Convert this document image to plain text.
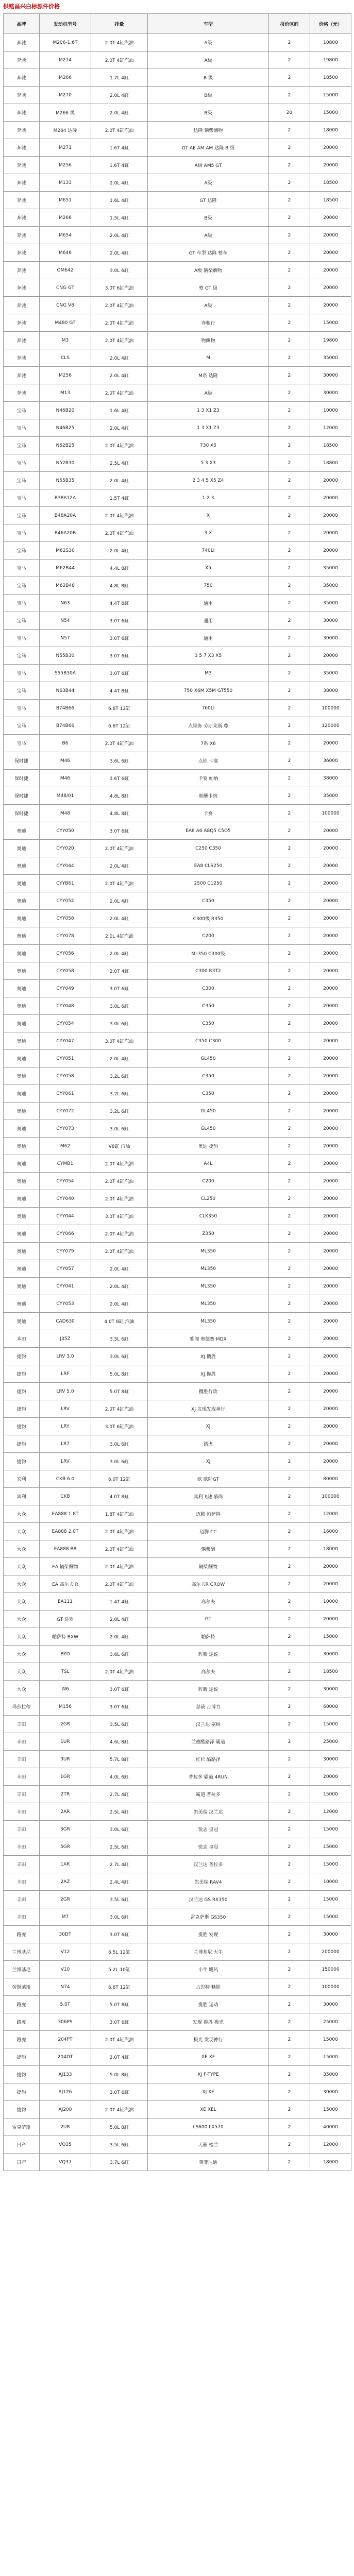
供铭昌兴白标源件价格
品牌	发动机型号	排量	车型	报价区间	价格（元）
奔驰	M206-1.6T	2.0T 4缸汽油	A级	2	10800
奔驰	M274	2.0T 4缸汽油	A级	2	19800
奔驰	M266	1.7L 4缸	B 级	2	18500
奔驰	M270	2.0L 4缸	B级	2	15000
奔驰	M266 级	2.0L 4缸	B级	20	15000
奔驰	M264 达隆	2.0T 4缸汽油	达隆 辆柴酬物	2	18000
奔驰	M271	1.6T 4缸	GT AE AM AM 达隆 B 级	2	20000
奔驰	M256	1.6T 4缸	A级 AM5 GT	2	20000
奔驰	M133	2.0L 4缸	A级	2	18500
奔驰	M651	1.6L 4缸	GT 达隆	2	18500
奔驰	M266	1.5L 4缸	B级	2	20000
奔驰	M654	2.0L 4缸	A级	2	20000
奔驰	M646	2.0L 4缸	GT 车型 达隆 整车	2	20000
奔驰	OM642	3.0L 6缸	A级 辆柴酬物	2	20000
奔驰	CNG GT	3.0T 6缸汽油	整 GT 级	2	20000
奔驰	CNG V8	2.0T 4缸汽油	A级	2	20000
奔驰	M480 GT	2.0T 4缸汽油	奔驰行	2	15000
奔驰	M3	2.0T 4缸汽油	物酬物	2	19800
奔驰	CLS	2.0L 4缸	M	2	35000
奔驰	M256	2.0L 4缸	M系 达隆	2	30000
奔驰	M13	2.0T 4缸汽油	A级	2	30000
宝马	N46B20	1.6L 4缸	1 3 X1 Z3	2	10000
宝马	N46B25	2.0L 4缸	1 3 X1 Z3	2	12000
宝马	N52B25	2.0T 4缸汽油	730 X5	2	18500
宝马	N52B30	2.5L 4缸	5 3 X3	2	18800
宝马	N55B35	2.0L 4缸	2 3 4 5 X5 Z4	2	20000
宝马	B38A12A	1.5T 4缸	1 2 3	2	20000
宝马	B48A20A	2.0T 4缸汽油	X	2	20000
宝马	B46A20B	2.0T 4缸汽油	3 X	2	20000
宝马	M62S30	2.0L 4缸	740LI	2	20000
宝马	M62B44	4.4L 8缸	X5	2	35000
宝马	M62B48	4.8L 8缸	750	2	35000
宝马	N63	4.4T 8缸	通用	2	35000
宝马	N54	3.0T 6缸	通用	2	30000
宝马	N57	3.0T 6缸	通用	2	30000
宝马	N55B30	3.0T 6缸	3 5 7 X3 X5	2	20000
宝马	S55B30A	3.0T 6缸	M3	2	35000
宝马	N63B44	4.4T 8缸	750 X6M X5M GT550	2	38000
宝马	B74B66	6.6T 12缸	760LI	2	100000
宝马	B74B66	6.6T 12缸	点锁饰 劳斯莱斯 尊	2	120000
宝马	B6	2.0T 4缸汽油	7系 X6	2	20000
保时捷	M46	3.6L 6缸	点锁 卡宴	2	36000
保时捷	M46	3.6T 6缸	卡宴 帕纳	2	38000
保时捷	M48/01	4.8L 8缸	帕酬卡纳	2	35000
保时捷	M48	4.8L 8缸	卡宴	2	100000
奥迪	CYY050	3.0T 6缸	EA8 A6 A8Q5 C5O5	2	20000
奥迪	CYY020	2.0T 4缸汽油	C250 C350	2	20000
奥迪	CYY044	2.0L 4缸	EA8 CLS250	2	20000
奥迪	CYYB61	2.0T 4缸汽油	2500 C1250	2	20000
奥迪	CYY052	2.0L 4缸	C350	2	20000
奥迪	CYY058	2.0L 4缸	C300级 R350	2	20000
奥迪	CYY078	2.0L 4缸汽油	C200	2	20000
奥迪	CYY056	2.0L 4缸	ML350 C300级	2	20000
奥迪	CYY058	2.0T 4缸	C300 R3T2	2	20000
奥迪	CYY049	3.0T 6缸	C300	2	20000
奥迪	CYY048	3.0L 6缸	C350	2	20000
奥迪	CYY054	3.0L 6缸	C350	2	20000
奥迪	CYY047	3.0T 4缸汽油	C350 C300	2	20000
奥迪	CYY051	2.0L 4缸	GL450	2	20000
奥迪	CYY058	3.2L 6缸	C350	2	20000
奥迪	CYY061	3.2L 6缸	C350	2	20000
奥迪	CYY072	3.2L 6缸	GL450	2	20000
奥迪	CYY073	3.0L 6缸	GL450	2	20000
奥迪	M62	V8缸 汽油	奥迪 捷豹	2	20000
奥迪	CYMB1	2.0T 4缸汽油	A4L	2	20000
奥迪	CYY054	2.0T 4缸汽油	C200	2	20000
奥迪	CYY040	2.0T 4缸汽油	CL250	2	20000
奥迪	CYY044	3.0T 4缸汽油	CLK350	2	20000
奥迪	CYY066	2.0T 4缸汽油	Z350	2	20000
奥迪	CYY079	2.0T 4缸汽油	ML350	2	20000
奥迪	CYY057	2.0L 4缸	ML350	2	20000
奥迪	CYY041	2.0L 4缸	ML350	2	20000
奥迪	CYY053	2.0L 4缸	ML350	2	20000
奥迪	CAD630	4.0T 8缸 汽油	ML350	2	20000
本田	J35Z	3.5L 6缸	雅阁 奥德赛 MDX	2	20000
捷豹	LRV 3.0	3.0L 6缸	XJ 攬胜	2	20000
捷豹	LRF	5.0L 8缸	XJ 揽胜	2	20000
捷豹	LRV 5.0	5.0T 8缸	攬胜行政	2	20000
捷豹	LRV	2.0T 4缸汽油	XJ 发现发现神行	2	20000
捷豹	LRY	3.0T 6缸汽油	XJ	2	20000
捷豹	LR7	3.0L 6缸	路虎	2	20000
捷豹	LRV	3.0L 6缸	XJ	2	20000
宾利	CKB 6.0	6.0T 12缸	欧 欧陆GT	2	80000
宾利	CKB	4.0T 8缸	宾利飞驰 慕尚	2	100000
大众	EA888 1.8T	1.8T 4缸汽油	迈腾 帕萨特	2	12000
大众	EA888 2.0T	2.0T 4缸汽油	迈腾 CC	2	16000
大众	EA888 B8	2.0T 4缸汽油	辆柴酬	2	18000
大众	EA 辆柴酬物	2.0T 4缸汽油	辆柴酬物	2	20000
大众	EA 高尔夫 R	2.0T 4缸汽油	高尔夫R CROW	2	20000
大众	EA111	1.4T 4缸	高尔夫	2	10000
大众	GT 途欢	2.0L 4缸	GT	2	20000
大众	帕萨特 BXW	2.0L 4缸	帕萨特	2	15000
大众	BYD	3.6L 6缸	辉腾 途锐	2	30000
大众	TSL	2.0T 4缸汽油	高尔夫	2	18500
大众	W6	3.0T 6缸	辉腾 途锐	2	30000
玛莎拉蒂	M156	3.0T 6缸	总裁 吉博力	2	60000
丰田	2GR	3.5L 6缸	汉兰达 塞纳	2	15000
丰田	1UR	4.6L 8缸	兰德酷路泽 霸道	2	25000
丰田	3UR	5.7L 8缸	红杉 酷路泽	2	30000
丰田	1GR	4.0L 6缸	普拉多 霸道 4RUN	2	20000
丰田	2TR	2.7L 4缸	霸道 普拉多	2	15000
丰田	2AR	2.5L 4缸	凯美瑞 汉兰达	2	12000
丰田	3GR	3.0L 6缸	锐志 皇冠	2	15000
丰田	5GR	2.5L 6缸	锐志 皇冠	2	15000
丰田	1AR	2.7L 4缸	汉兰达 普拉多	2	15000
丰田	2AZ	2.4L 4缸	凯美瑞 RAV4	2	10000
丰田	2GR	3.5L 6缸	汉兰达 GS RX350	2	15000
丰田	M7	3.0L 6缸	雷克萨斯 GS350	2	15000
路虎	30DT	3.0T 6缸	揽胜 发现	2	30000
兰博基尼	V12	6.5L 12缸	兰博基尼 大牛	2	200000
兰博基尼	V10	5.2L 10缸	小牛 飓风	2	150000
劳斯莱斯	N74	6.6T 12缸	古思特 魅影	2	100000
路虎	5.0T	5.0T 8缸	揽胜 运动	2	30000
路虎	306PS	3.0T 6缸	发现 揽胜 极光	2	25000
路虎	204PT	2.0T 4缸汽油	极光 发现神行	2	15000
捷豹	204DT	2.0T 4缸	XE XF	2	15000
捷豹	AJ133	5.0L 8缸	XJ F-TYPE	2	35000
捷豹	AJ126	3.0T 6缸	XJ XF	2	30000
捷豹	AJ200	2.0T 4缸汽油	XE XEL	2	15000
雷克萨斯	2UR	5.0L 8缸	LS600 LX570	2	40000
日产	VQ35	3.5L 6缸	天籁 楼兰	2	12000
日产	VQ37	3.7L 6缸	英菲尼迪	2	18000
